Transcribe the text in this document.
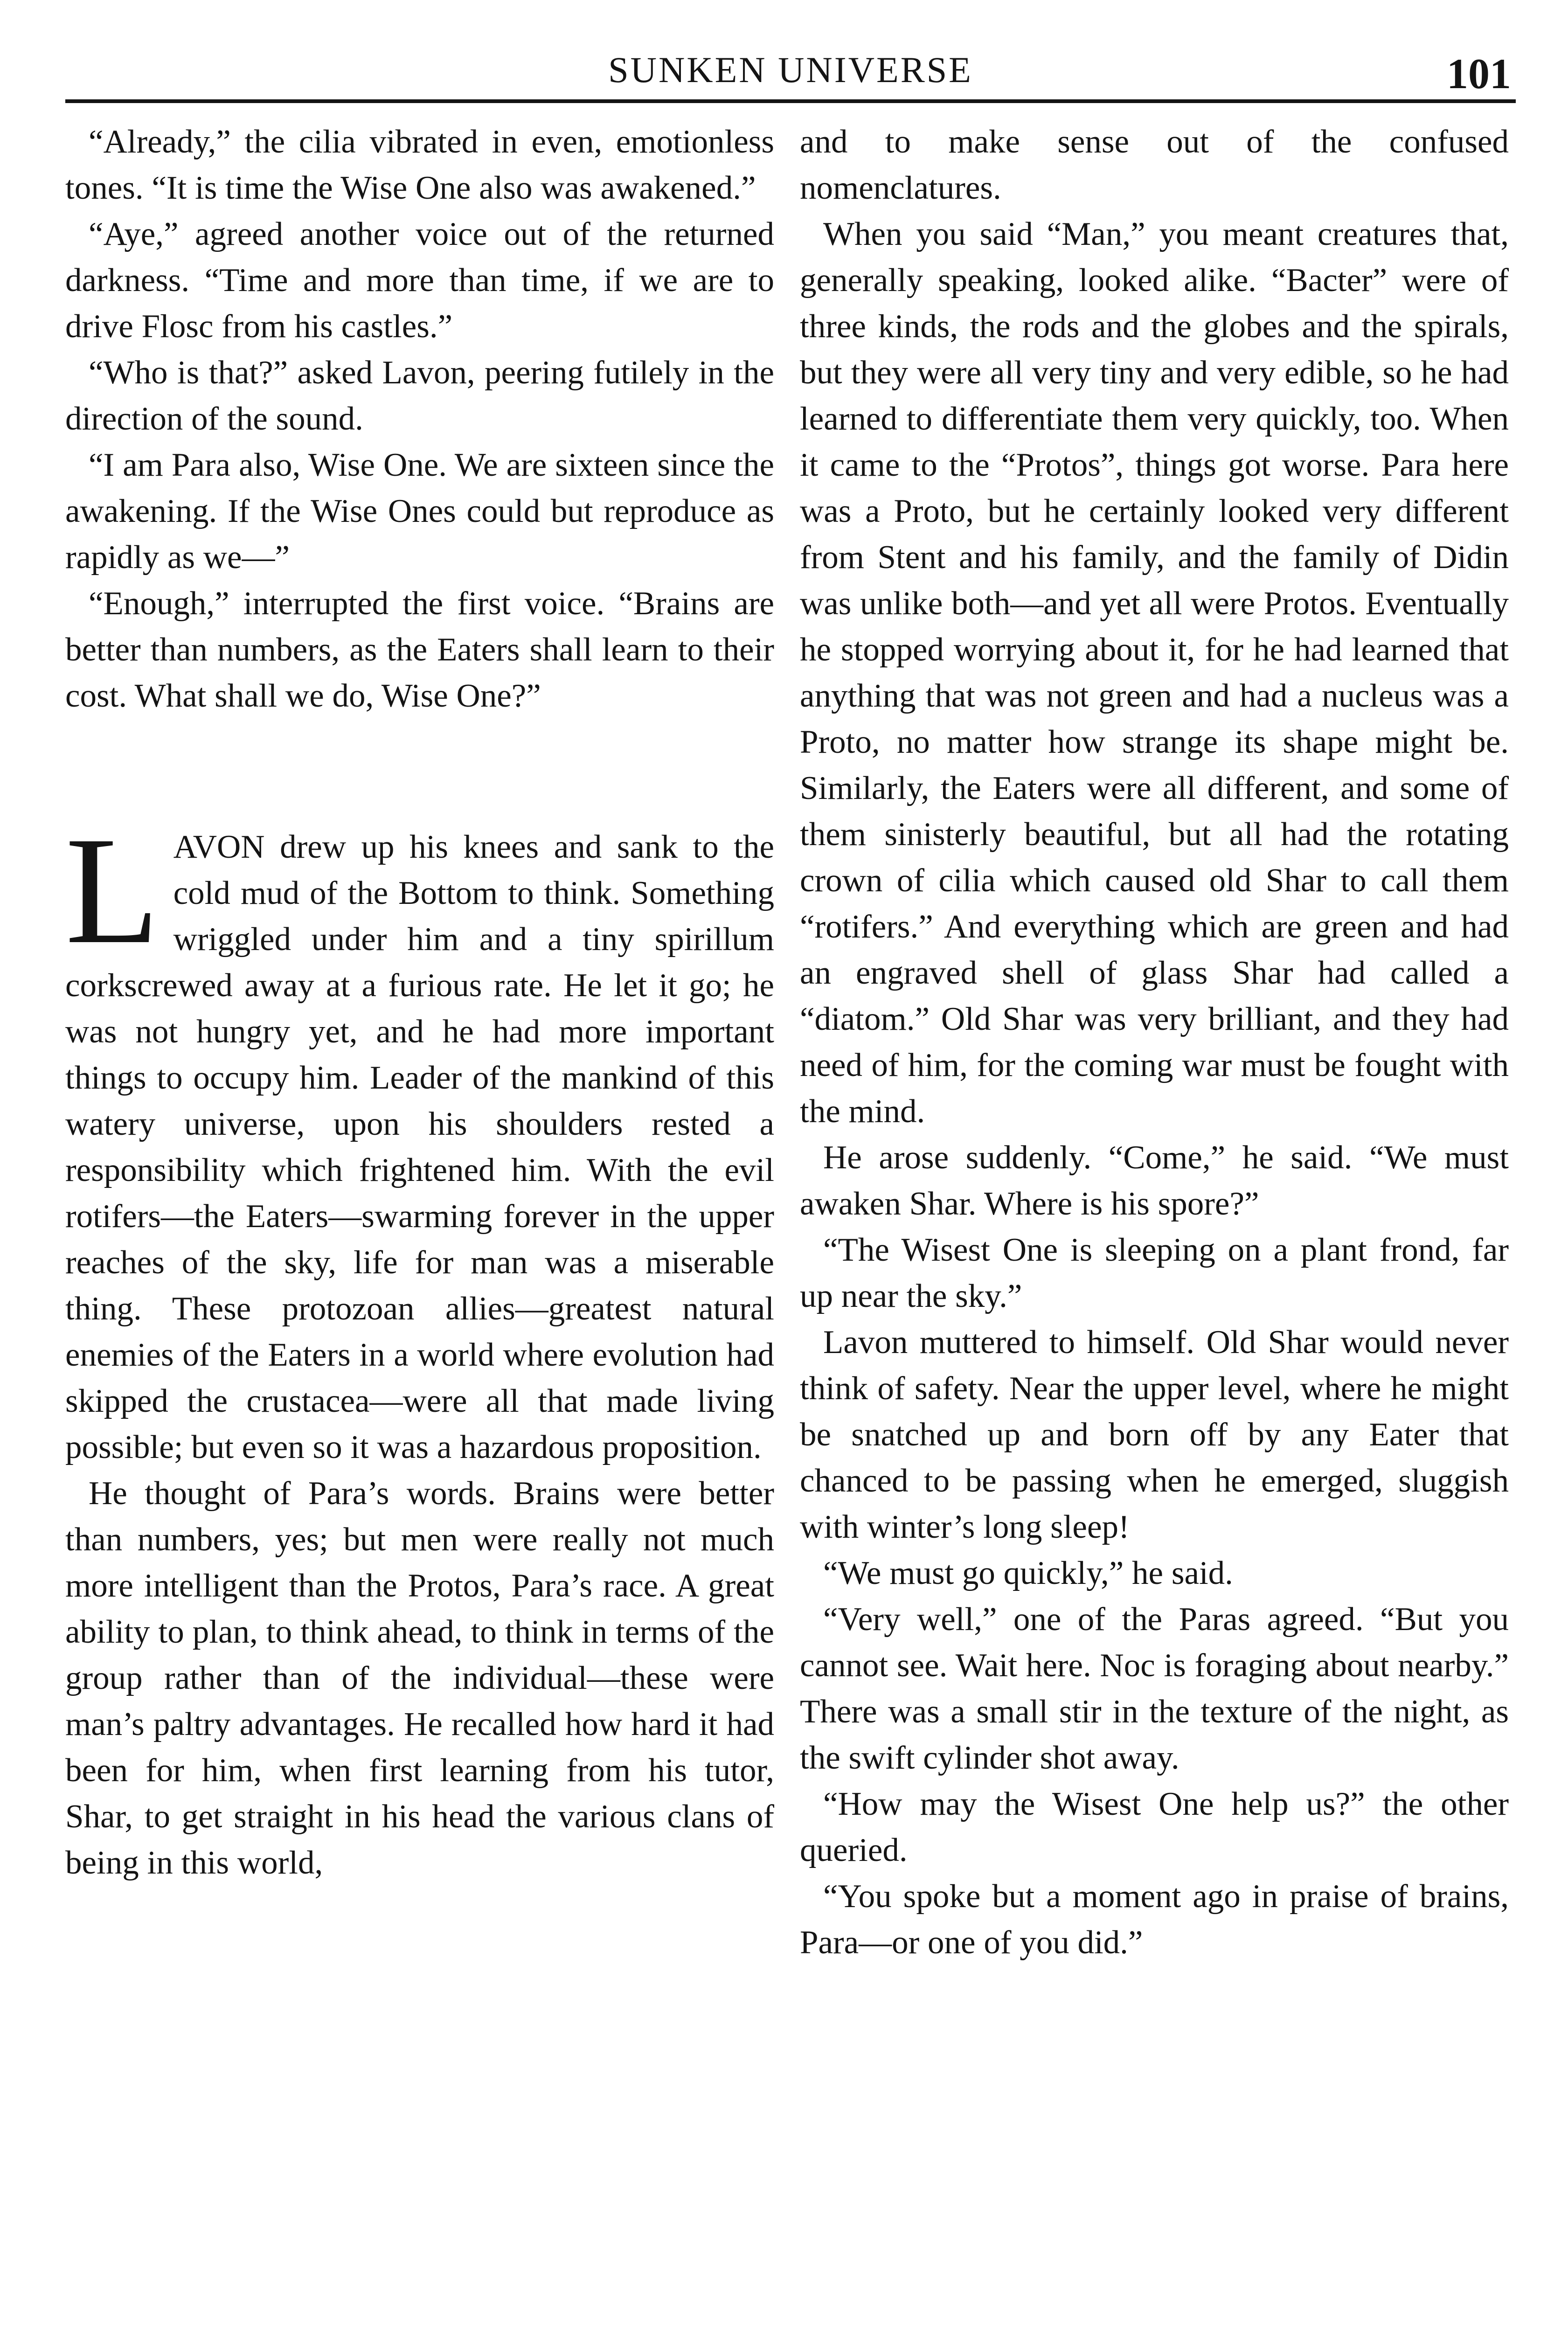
SUNKEN UNIVERSE	101

“Already,” the cilia vibrated in even, emotionless tones. “It is time the Wise One also was awakened.”

“Aye,” agreed another voice out of the returned darkness. “Time and more than time, if we are to drive Flosc from his castles.”

“Who is that?” asked Lavon, peering futilely in the direction of the sound.

“I am Para also, Wise One. We are sixteen since the awakening. If the Wise Ones could but reproduce as rapidly as we—”

“Enough,” interrupted the first voice. “Brains are better than numbers, as the Eaters shall learn to their cost. What shall we do, Wise One?”

LAVON drew up his knees and sank to the cold mud of the Bottom to think. Something wriggled under him and a tiny spirillum corkscrewed away at a furious rate. He let it go; he was not hungry yet, and he had more important things to occupy him. Leader of the mankind of this watery universe, upon his shoulders rested a responsibility which frightened him. With the evil rotifers—the Eaters—swarming forever in the upper reaches of the sky, life for man was a miserable thing. These protozoan allies—greatest natural enemies of the Eaters in a world where evolution had skipped the crustacea—were all that made living possible; but even so it was a hazardous proposition.

He thought of Para’s words. Brains were better than numbers, yes; but men were really not much more intelligent than the Protos, Para’s race. A great ability to plan, to think ahead, to think in terms of the group rather than of the individual—these were man’s paltry advantages. He recalled how hard it had been for him, when first learning from his tutor, Shar, to get straight in his head the various clans of being in this world,

and to make sense out of the confused nomenclatures.

When you said “Man,” you meant creatures that, generally speaking, looked alike. “Bacter” were of three kinds, the rods and the globes and the spirals, but they were all very tiny and very edible, so he had learned to differentiate them very quickly, too. When it came to the “Protos”, things got worse. Para here was a Proto, but he certainly looked very different from Stent and his family, and the family of Didin was unlike both—and yet all were Protos. Eventually he stopped worrying about it, for he had learned that anything that was not green and had a nucleus was a Proto, no matter how strange its shape might be. Similarly, the Eaters were all different, and some of them sinisterly beautiful, but all had the rotating crown of cilia which caused old Shar to call them “rotifers.” And everything which are green and had an engraved shell of glass Shar had called a “diatom.” Old Shar was very brilliant, and they had need of him, for the coming war must be fought with the mind.

He arose suddenly. “Come,” he said. “We must awaken Shar. Where is his spore?”

“The Wisest One is sleeping on a plant frond, far up near the sky.”

Lavon muttered to himself. Old Shar would never think of safety. Near the upper level, where he might be snatched up and born off by any Eater that chanced to be passing when he emerged, sluggish with winter’s long sleep!

“We must go quickly,” he said.

“Very well,” one of the Paras agreed. “But you cannot see. Wait here. Noc is foraging about nearby.” There was a small stir in the texture of the night, as the swift cylinder shot away.

“How may the Wisest One help us?” the other queried.

“You spoke but a moment ago in praise of brains, Para—or one of you did.”
